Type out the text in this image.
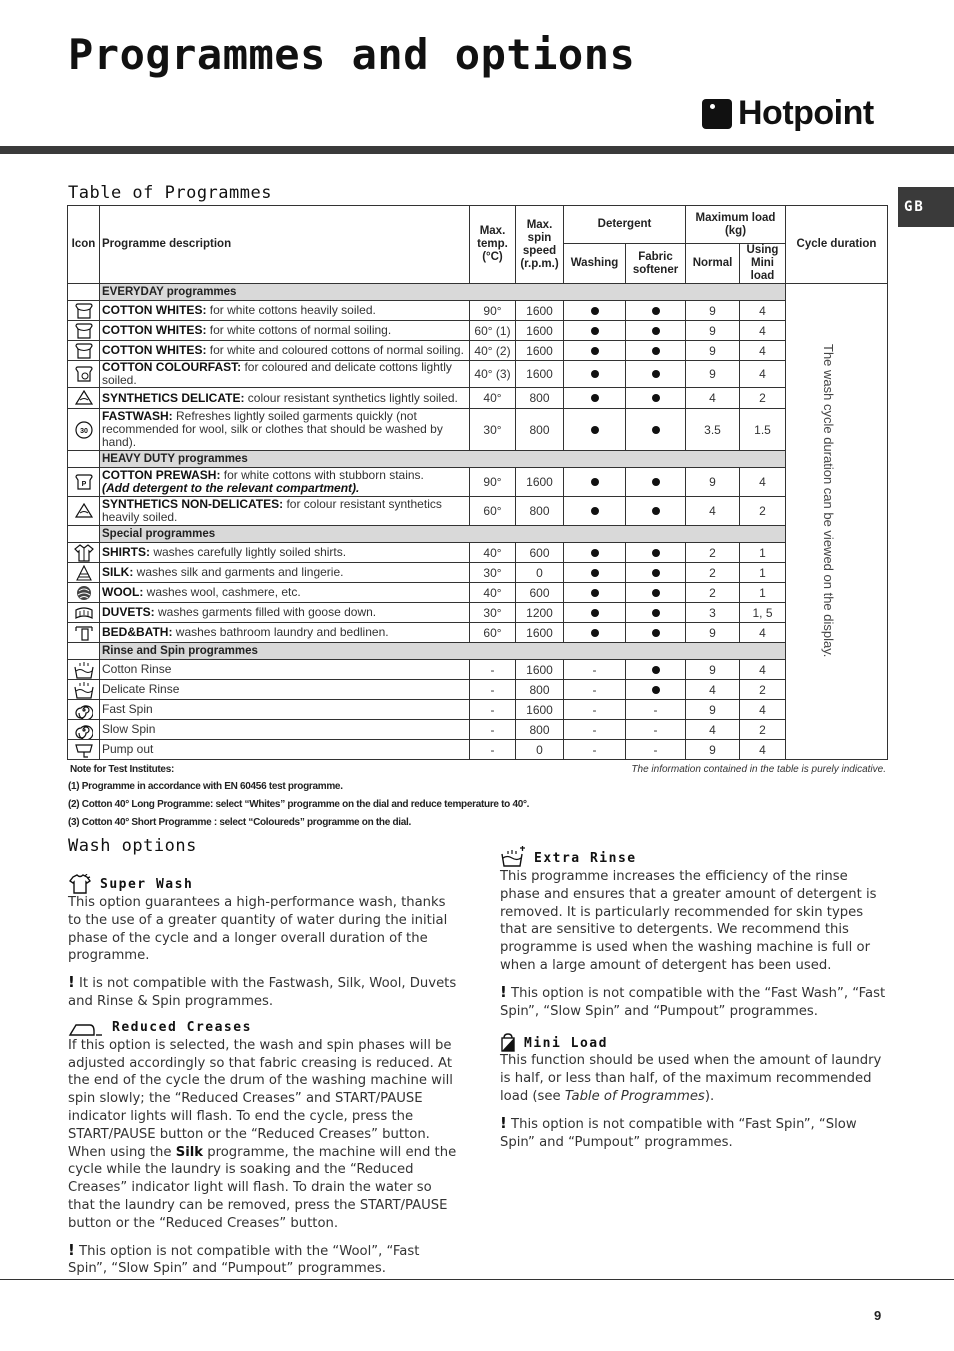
Programmes and options
Hotpoint
GB
Table of Programmes
Icon	Programme description	Max. temp. (°C)	Max. spin speed (r.p.m.)	Detergent		Maximum load (kg)		Cycle duration
				Washing	Fabric softener	Normal	Using Mini load	
	EVERYDAY programmes							The wash cycle duration can be viewed on the display.

	COTTON WHITES: for white cottons heavily soiled.	90°	1600			9	4	

	COTTON WHITES: for white cottons of normal soiling.	60° (1)	1600			9	4	

	COTTON WHITES: for white and coloured cottons of normal soiling.	40° (2)	1600			9	4	

	COTTON COLOURFAST: for coloured and delicate cottons lightly soiled.	40° (3)	1600			9	4	

	SYNTHETICS DELICATE: colour resistant synthetics lightly soiled.	40°	800			4	2	

30	FASTWASH: Refreshes lightly soiled garments quickly (not recommended for wool, silk or clothes that should be washed by hand).	30°	800			3.5	1.5	
	HEAVY DUTY programmes							

P	COTTON PREWASH: for white cottons with stubborn stains.
(Add detergent to the relevant compartment).	90°	1600			9	4	

	SYNTHETICS NON-DELICATES: for colour resistant synthetics heavily soiled.	60°	800			4	2	
	Special programmes							

	SHIRTS: washes carefully lightly soiled shirts.	40°	600			2	1	

	SILK: washes silk and garments and lingerie.	30°	0			2	1	

	WOOL: washes wool, cashmere, etc.	40°	600			2	1	

	DUVETS: washes garments filled with goose down.	30°	1200			3	1, 5	

	BED&BATH: washes bathroom laundry and bedlinen.	60°	1600			9	4	
	Rinse and Spin programmes							

	Cotton Rinse	-	1600	-		9	4	

	Delicate Rinse	-	800	-		4	2	

	Fast Spin	-	1600	-	-	9	4	

	Slow Spin	-	800	-	-	4	2	

	Pump out	-	0	-	-	9	4	
Note for Test Institutes:	The information contained in the table is purely indicative.
(1) Programme in accordance with EN 60456 test programme.
(2) Cotton 40° Long Programme: select “Whites” programme on the dial and reduce temperature to 40°.
(3) Cotton 40° Short Programme : select “Coloureds” programme on the dial.
Wash options
Super Wash

This option guarantees a high-performance wash, thanks to the use of a greater quantity of water during the initial phase of the cycle and a longer overall duration of the programme.

! It is not compatible with the Fastwash, Silk, Wool, Duvets and Rinse & Spin programmes.

Reduced Creases

If this option is selected, the wash and spin phases will be adjusted accordingly so that fabric creasing is reduced. At the end of the cycle the drum of the washing machine will spin slowly; the “Reduced Creases” and START/PAUSE indicator lights will flash. To end the cycle, press the START/PAUSE button or the “Reduced Creases” button. When using the Silk programme, the machine will end the cycle while the laundry is soaking and the “Reduced Creases” indicator light will flash. To drain the water so that the laundry can be removed, press the START/PAUSE button or the “Reduced Creases” button.

! This option is not compatible with the “Wool”, “Fast Spin”, “Slow Spin” and “Pumpout” programmes.

Extra Rinse

This programme increases the efficiency of the rinse phase and ensures that a greater amount of detergent is removed. It is particularly recommended for skin types that are sensitive to detergents. We recommend this programme is used when the washing machine is full or when a large amount of detergent has been used.

! This option is not compatible with the “Fast Wash”, “Fast Spin”, “Slow Spin” and “Pumpout” programmes.

Mini Load

This function should be used when the amount of laundry is half, or less than half, of the maximum recommended load (see Table of Programmes).

! This option is not compatible with “Fast Spin”, “Slow Spin” and “Pumpout” programmes.

9
